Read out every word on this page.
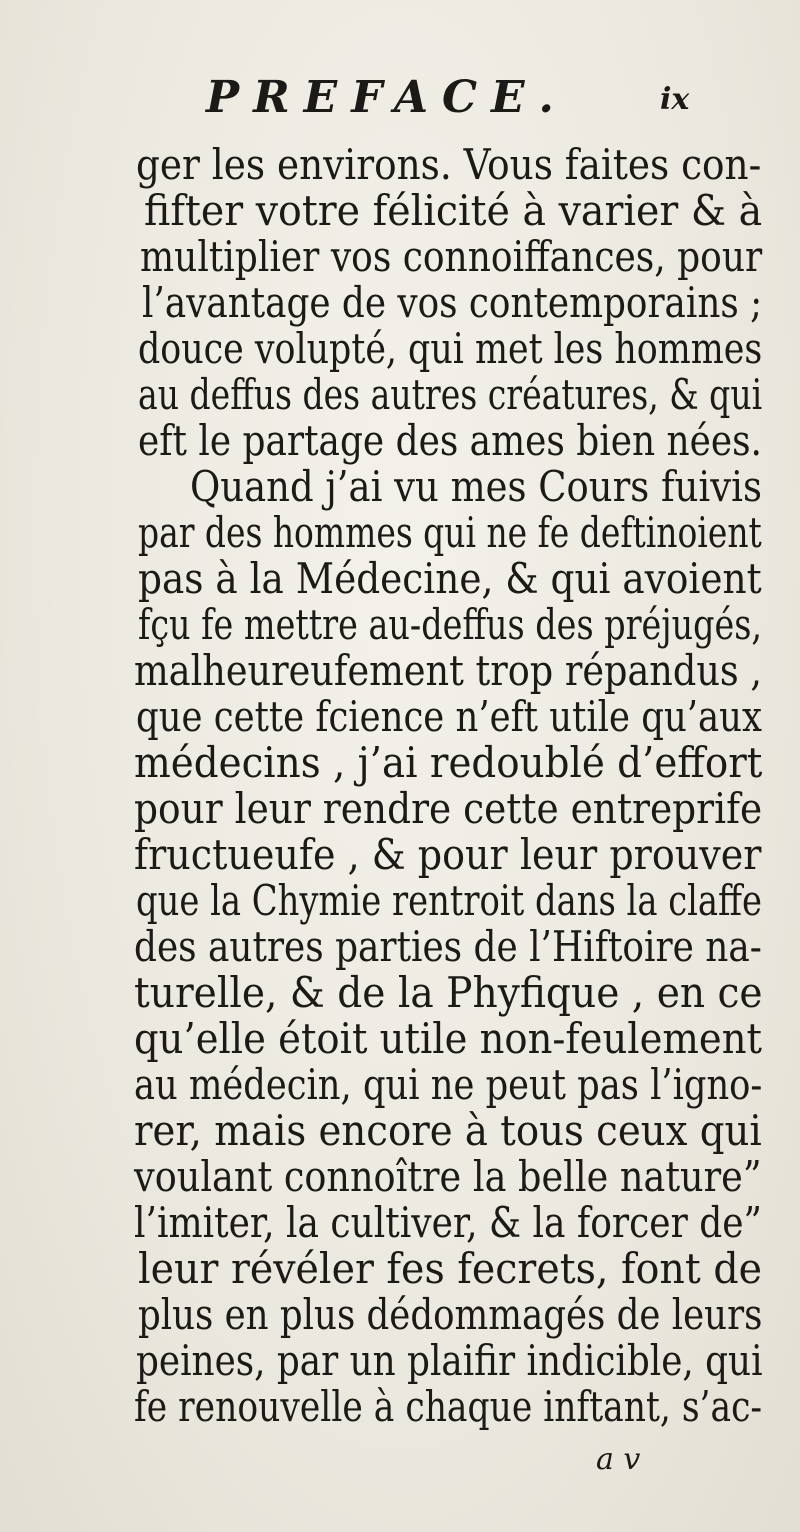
PREFACE.	ix
ger les environs. Vous faites con-
fifter votre félicité à varier & à
multiplier vos connoiffances, pour
l’avantage de vos contemporains ;
douce volupté, qui met les hommes
au deffus des autres créatures, & qui
eft le partage des ames bien nées.
Quand j’ai vu mes Cours fuivis
par des hommes qui ne fe deftinoient
pas à la Médecine, & qui avoient
fçu fe mettre au-deffus des préjugés,
malheureufement trop répandus ,
que cette fcience n’eft utile qu’aux
médecins , j’ai redoublé d’effort
pour leur rendre cette entreprife
fructueufe , & pour leur prouver
que la Chymie rentroit dans la claffe
des autres parties de l’Hiftoire na-
turelle, & de la Phyfique , en ce
qu’elle étoit utile non-feulement
au médecin, qui ne peut pas l’igno-
rer, mais encore à tous ceux qui
voulant connoître la belle nature”
l’imiter, la cultiver, & la forcer de”
leur révéler fes fecrets, font de
plus en plus dédommagés de leurs
peines, par un plaifir indicible, qui
fe renouvelle à chaque inftant, s’ac-
a v
